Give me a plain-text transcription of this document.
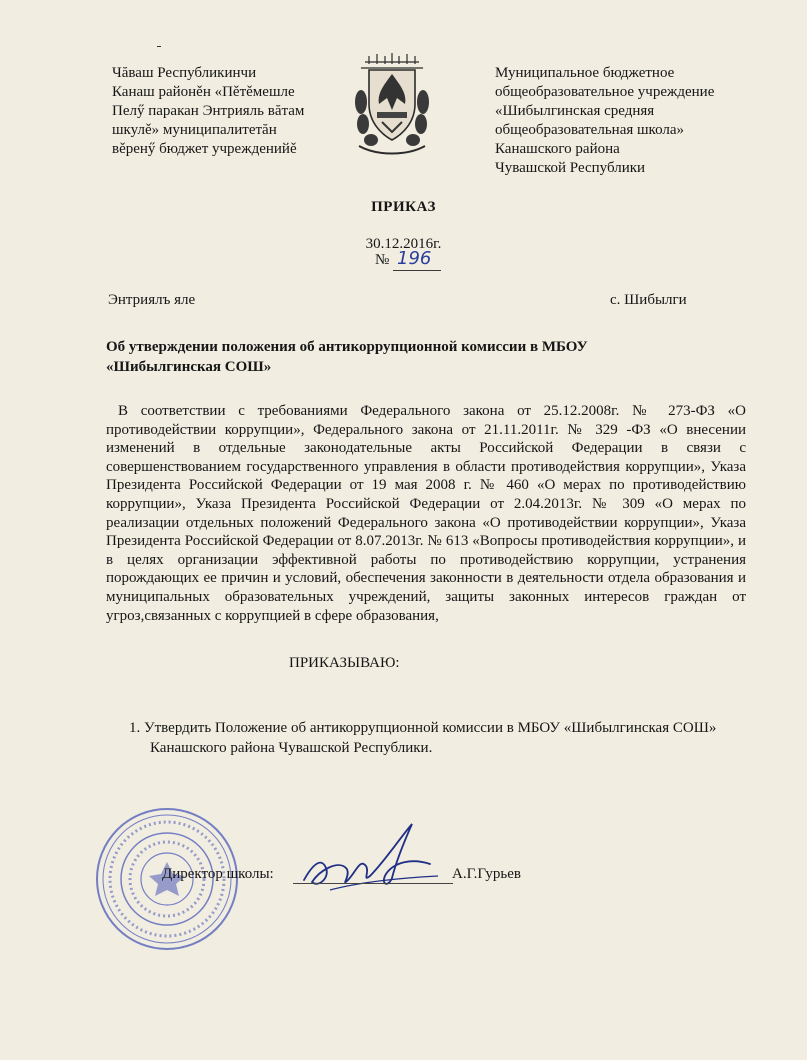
Чăваш Республикинчи
Канаш районěн «Пěтěмешле
Пелӳ паракан Энтрияль вăтам
шкулě» муниципалитетăн
вěренӳ бюджет учрежденийě
Муниципальное бюджетное
общеобразовательное учреждение
«Шибылгинская средняя
общеобразовательная школа»
Канашского района
Чувашской Республики
ПРИКАЗ
30.12.2016г.
№ 196
Энтриялъ яле	с. Шибылги
Об утверждении положения об антикоррупционной комиссии в МБОУ
«Шибылгинская СОШ»
В соответствии с требованиями Федерального закона от 25.12.2008г. № 273-ФЗ «О
противодействии коррупции», Федерального закона от 21.11.2011г. № 329 -ФЗ «О внесении
изменений в отдельные законодательные акты Российской Федерации в связи с
совершенствованием государственного управления в области противодействия коррупции», Указа
Президента Российской Федерации от 19 мая 2008 г. № 460 «О мерах по противодействию
коррупции», Указа Президента Российской Федерации от 2.04.2013г. № 309 «О мерах по
реализации отдельных положений Федерального закона «О противодействии коррупции», Указа
Президента Российской Федерации от 8.07.2013г. № 613 «Вопросы противодействия коррупции», и
в целях организации эффективной работы по противодействию коррупции, устранения
порождающих ее причин и условий, обеспечения законности в деятельности отдела образования и
муниципальных образовательных учреждений, защиты законных интересов граждан от
угроз,связанных с коррупцией в сфере образования,
ПРИКАЗЫВАЮ:
1. Утвердить Положение об антикоррупционной комиссии в МБОУ «Шибылгинская СОШ»
Канашского района Чувашской Республики.
Директор школы:	А.Г.Гурьев
